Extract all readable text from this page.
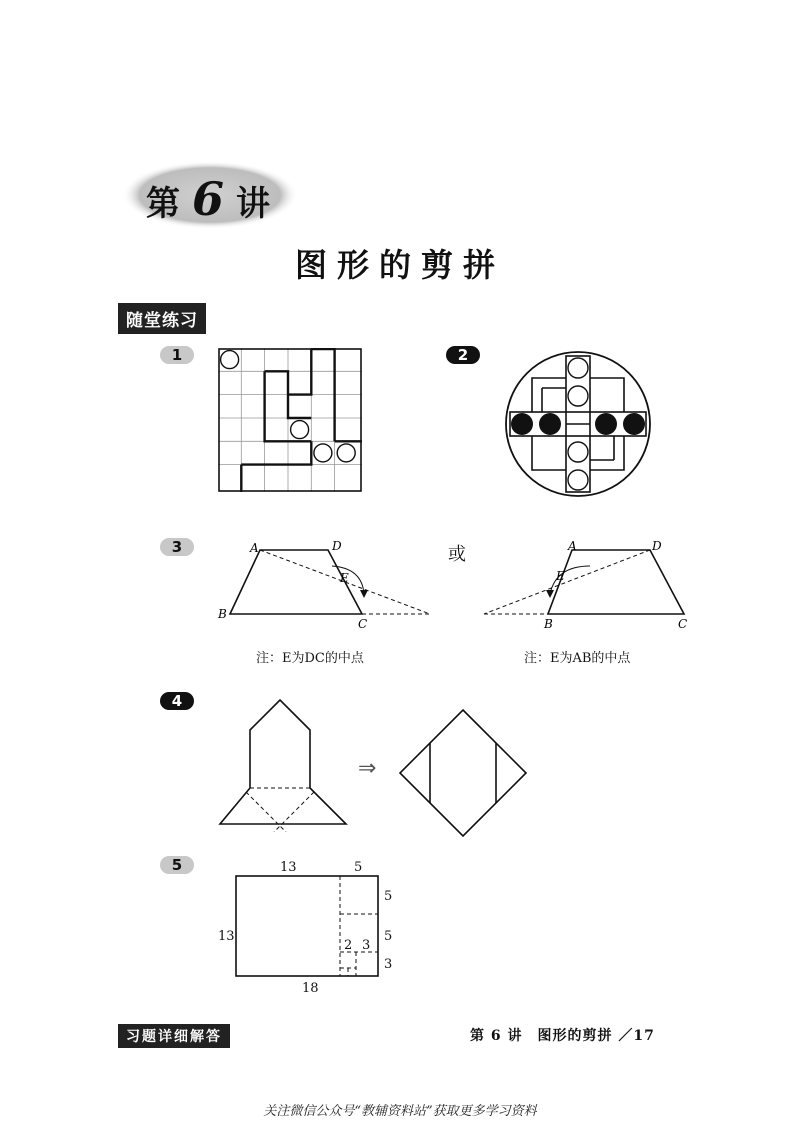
第 6 讲
图形的剪拼
随堂练习
1	2
3
4
5
A	D
E
B
C
或	A	D
E
B	C
注：E为DC的中点	注：E为AB的中点
⇒
13	5
5
13	5
2 3
3
18
习题详细解答	第 6 讲　图形的剪拼 ／17
关注微信公众号“教辅资料站”获取更多学习资料
